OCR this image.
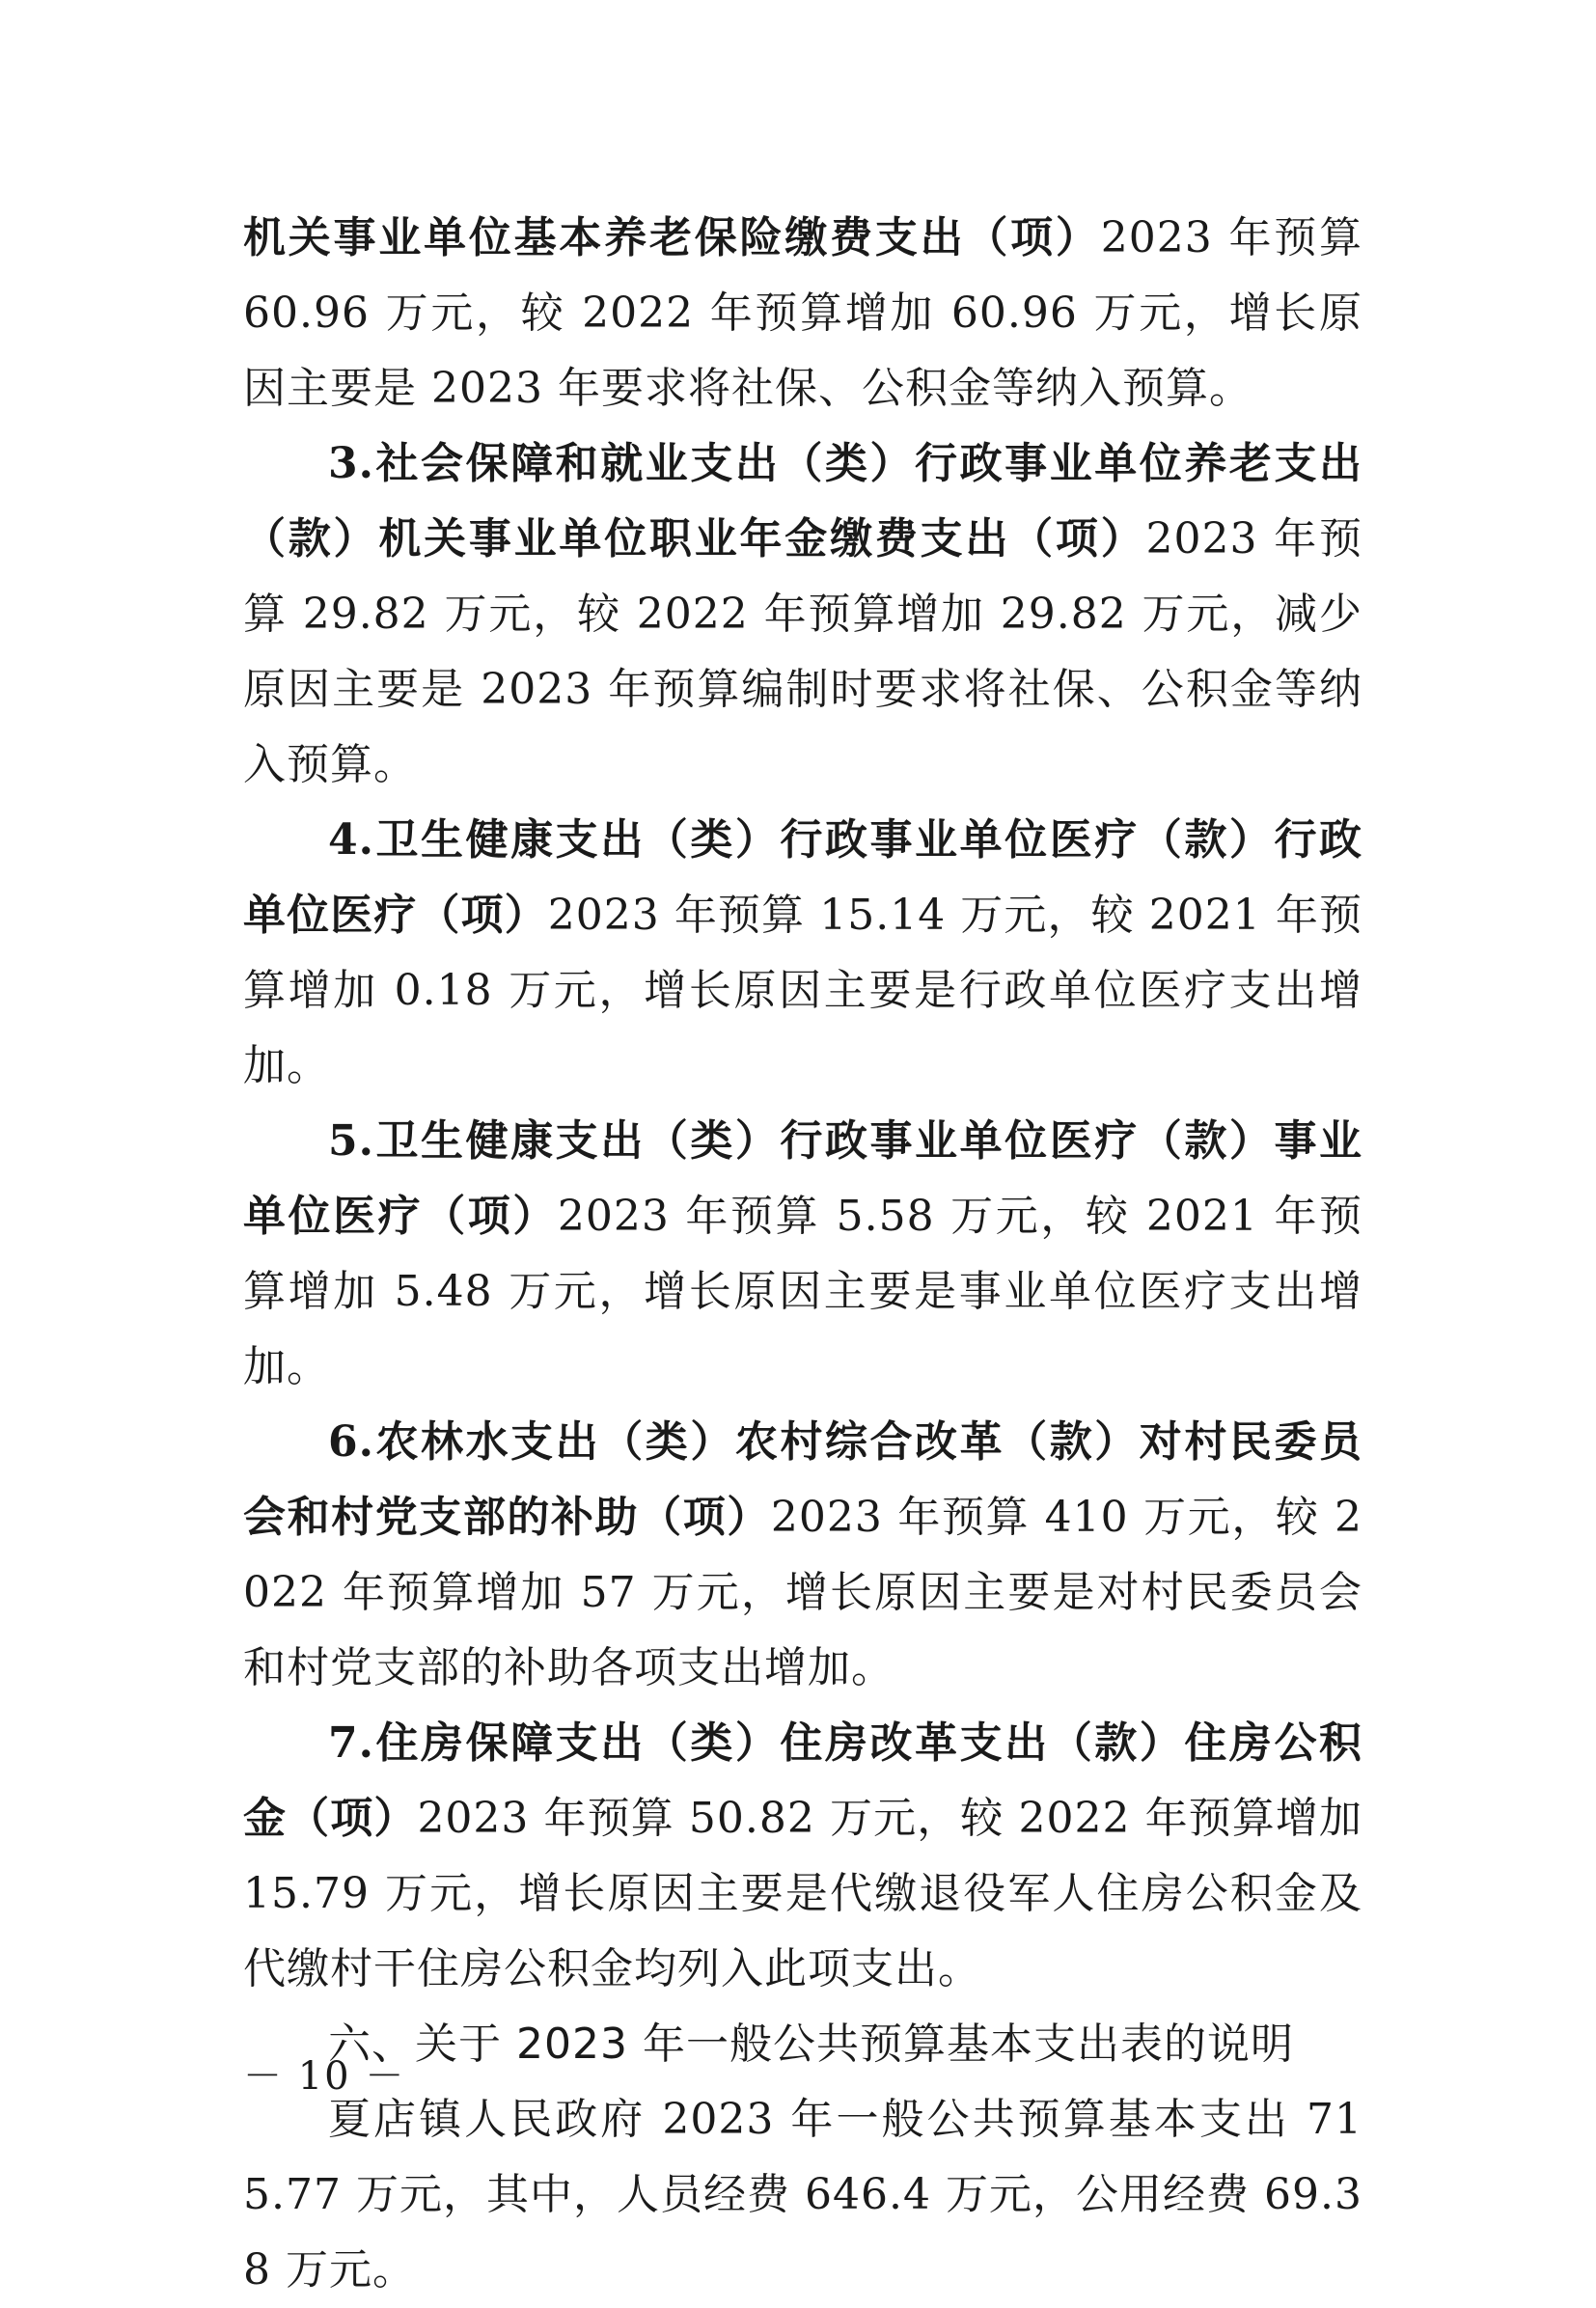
机关事业单位基本养老保险缴费支出（项）2023 年预算 60.96 万元，较 2022 年预算增加 60.96 万元，增长原因主要是 2023 年要求将社保、公积金等纳入预算。

3.社会保障和就业支出（类）行政事业单位养老支出（款）机关事业单位职业年金缴费支出（项）2023 年预算 29.82 万元，较 2022 年预算增加 29.82 万元，减少原因主要是 2023 年预算编制时要求将社保、公积金等纳入预算。

4.卫生健康支出（类）行政事业单位医疗（款）行政单位医疗（项）2023 年预算 15.14 万元，较 2021 年预算增加 0.18 万元，增长原因主要是行政单位医疗支出增加。

5.卫生健康支出（类）行政事业单位医疗（款）事业单位医疗（项）2023 年预算 5.58 万元，较 2021 年预算增加 5.48 万元，增长原因主要是事业单位医疗支出增加。

6.农林水支出（类）农村综合改革（款）对村民委员会和村党支部的补助（项）2023 年预算 410 万元，较 2022 年预算增加 57 万元，增长原因主要是对村民委员会和村党支部的补助各项支出增加。

7.住房保障支出（类）住房改革支出（款）住房公积金（项）2023 年预算 50.82 万元，较 2022 年预算增加 15.79 万元，增长原因主要是代缴退役军人住房公积金及代缴村干住房公积金均列入此项支出。

六、关于 2023 年一般公共预算基本支出表的说明

夏店镇人民政府 2023 年一般公共预算基本支出 715.77 万元，其中，人员经费 646.4 万元，公用经费 69.38 万元。

－ 10 －
